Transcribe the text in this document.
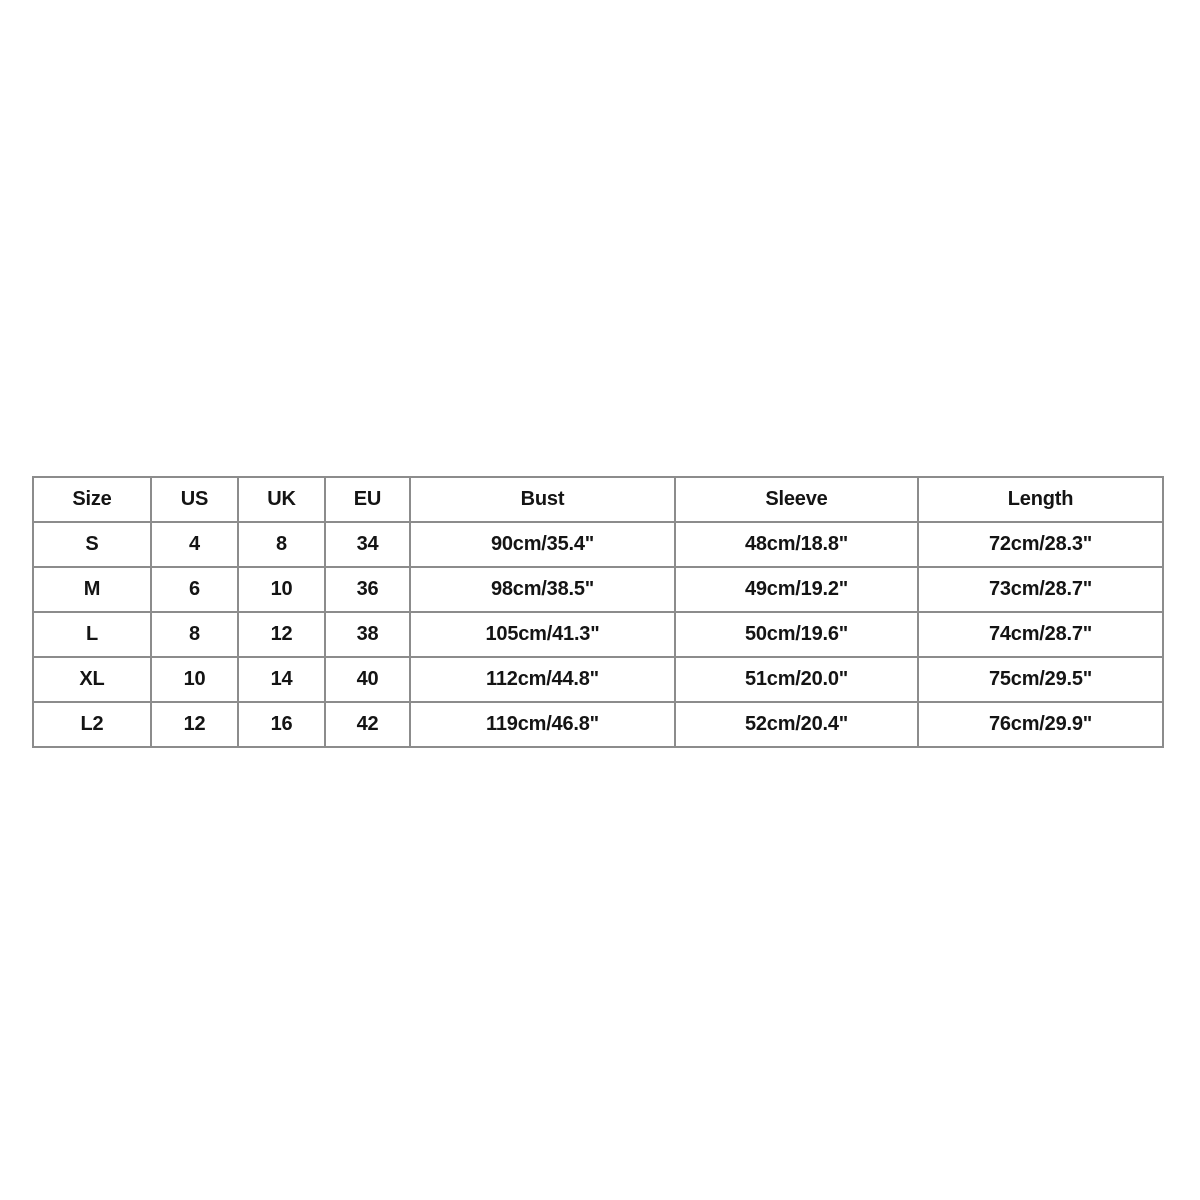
Size	US	UK	EU	Bust	Sleeve	Length
S	4	8	34	90cm/35.4"	48cm/18.8"	72cm/28.3"
M	6	10	36	98cm/38.5"	49cm/19.2"	73cm/28.7"
L	8	12	38	105cm/41.3"	50cm/19.6"	74cm/28.7"
XL	10	14	40	112cm/44.8"	51cm/20.0"	75cm/29.5"
L2	12	16	42	119cm/46.8"	52cm/20.4"	76cm/29.9"
